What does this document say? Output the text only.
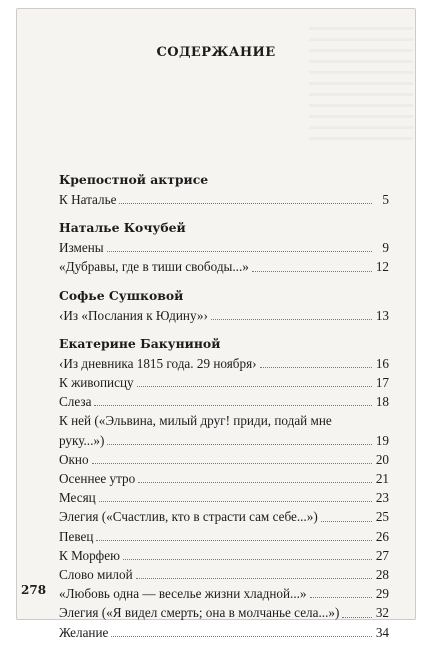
СОДЕРЖАНИЕ
Крепостной актрисе
К Наталье	5
Наталье Кочубей
Измены	9
«Дубравы, где в тиши свободы...»	12
Софье Сушковой
‹Из «Послания к Юдину»›	13
Екатерине Бакуниной
‹Из дневника 1815 года. 29 ноября›	16
К живописцу	17
Слеза	18
К ней («Эльвина, милый друг! приди, подай мне
руку...»)	19
Окно	20
Осеннее утро	21
Месяц	23
Элегия («Счастлив, кто в страсти сам себе...»)	25
Певец	26
К Морфею	27
Слово милой	28
«Любовь одна — веселье жизни хладной...»	29
Элегия («Я видел смерть; она в молчанье села...»)	32
Желание	34
278
